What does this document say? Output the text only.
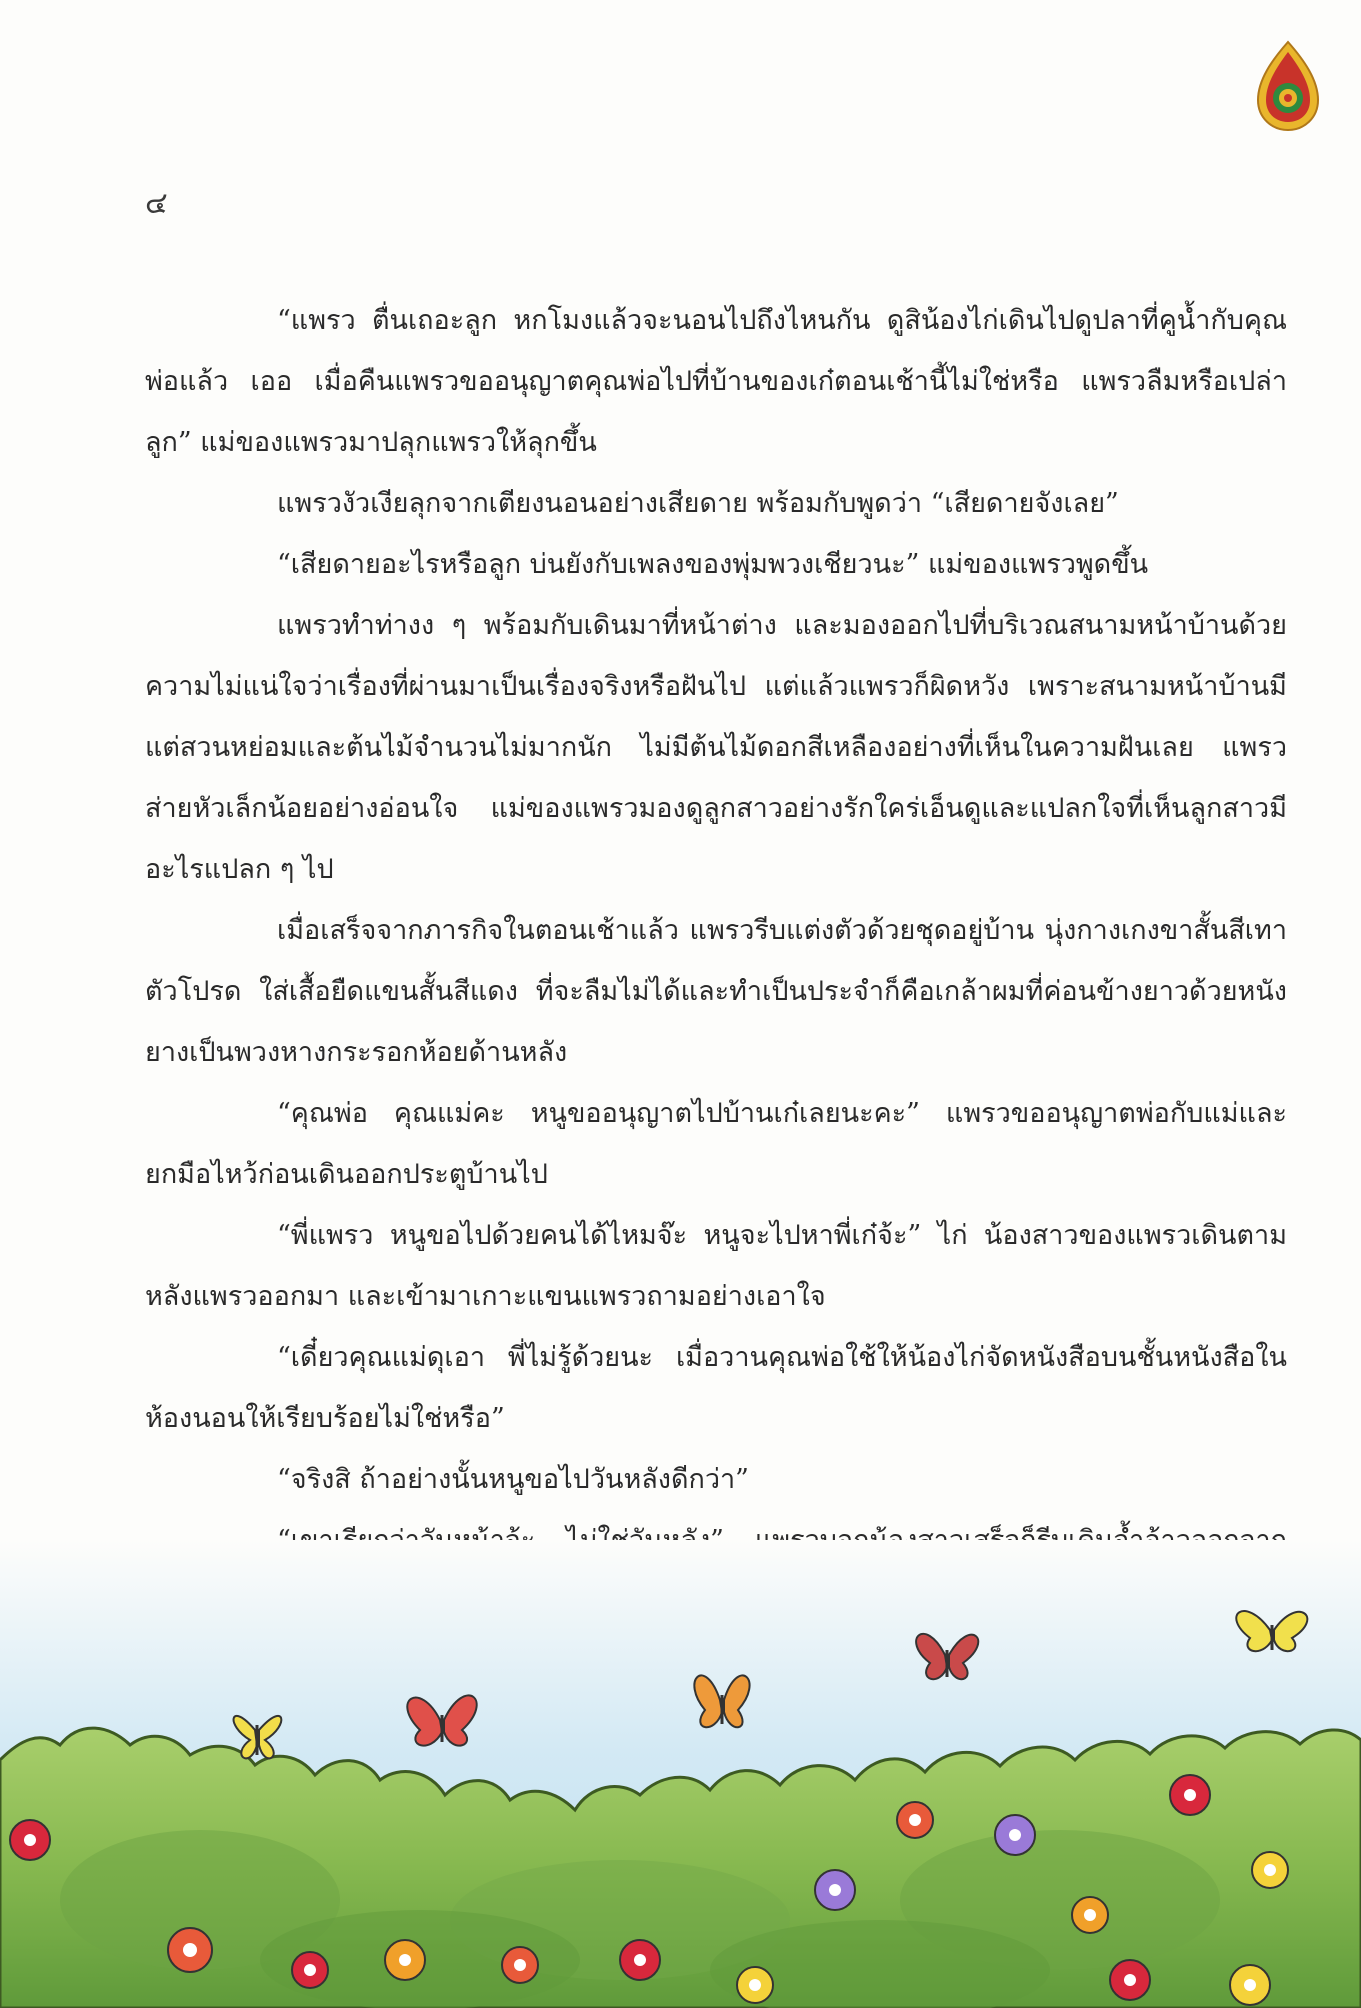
๔

“แพรว ตื่นเถอะลูก หกโมงแล้วจะนอนไปถึงไหนกัน ดูสิน้องไก่เดินไปดูปลาที่คูน้ำกับคุณพ่อแล้ว เออ เมื่อคืนแพรวขออนุญาตคุณพ่อไปที่บ้านของเก๋ตอนเช้านี้ไม่ใช่หรือ แพรวลืมหรือเปล่าลูก” แม่ของแพรวมาปลุกแพรวให้ลุกขึ้น

แพรวงัวเงียลุกจากเตียงนอนอย่างเสียดาย พร้อมกับพูดว่า “เสียดายจังเลย”

“เสียดายอะไรหรือลูก บ่นยังกับเพลงของพุ่มพวงเชียวนะ” แม่ของแพรวพูดขึ้น

แพรวทำท่างง ๆ พร้อมกับเดินมาที่หน้าต่าง และมองออกไปที่บริเวณสนามหน้าบ้านด้วยความไม่แน่ใจว่าเรื่องที่ผ่านมาเป็นเรื่องจริงหรือฝันไป แต่แล้วแพรวก็ผิดหวัง เพราะสนามหน้าบ้านมีแต่สวนหย่อมและต้นไม้จำนวนไม่มากนัก ไม่มีต้นไม้ดอกสีเหลืองอย่างที่เห็นในความฝันเลย แพรวส่ายหัวเล็กน้อยอย่างอ่อนใจ แม่ของแพรวมองดูลูกสาวอย่างรักใคร่เอ็นดูและแปลกใจที่เห็นลูกสาวมีอะไรแปลก ๆ ไป

เมื่อเสร็จจากภารกิจในตอนเช้าแล้ว แพรวรีบแต่งตัวด้วยชุดอยู่บ้าน นุ่งกางเกงขาสั้นสีเทาตัวโปรด ใส่เสื้อยืดแขนสั้นสีแดง ที่จะลืมไม่ได้และทำเป็นประจำก็คือเกล้าผมที่ค่อนข้างยาวด้วยหนังยางเป็นพวงหางกระรอกห้อยด้านหลัง

“คุณพ่อ คุณแม่คะ หนูขออนุญาตไปบ้านเก๋เลยนะคะ” แพรวขออนุญาตพ่อกับแม่และยกมือไหว้ก่อนเดินออกประตูบ้านไป

“พี่แพรว หนูขอไปด้วยคนได้ไหมจ๊ะ หนูจะไปหาพี่เก๋จ้ะ” ไก่ น้องสาวของแพรวเดินตามหลังแพรวออกมา และเข้ามาเกาะแขนแพรวถามอย่างเอาใจ

“เดี๋ยวคุณแม่ดุเอา พี่ไม่รู้ด้วยนะ เมื่อวานคุณพ่อใช้ให้น้องไก่จัดหนังสือบนชั้นหนังสือในห้องนอนให้เรียบร้อยไม่ใช่หรือ”

“จริงสิ ถ้าอย่างนั้นหนูขอไปวันหลังดีกว่า”
